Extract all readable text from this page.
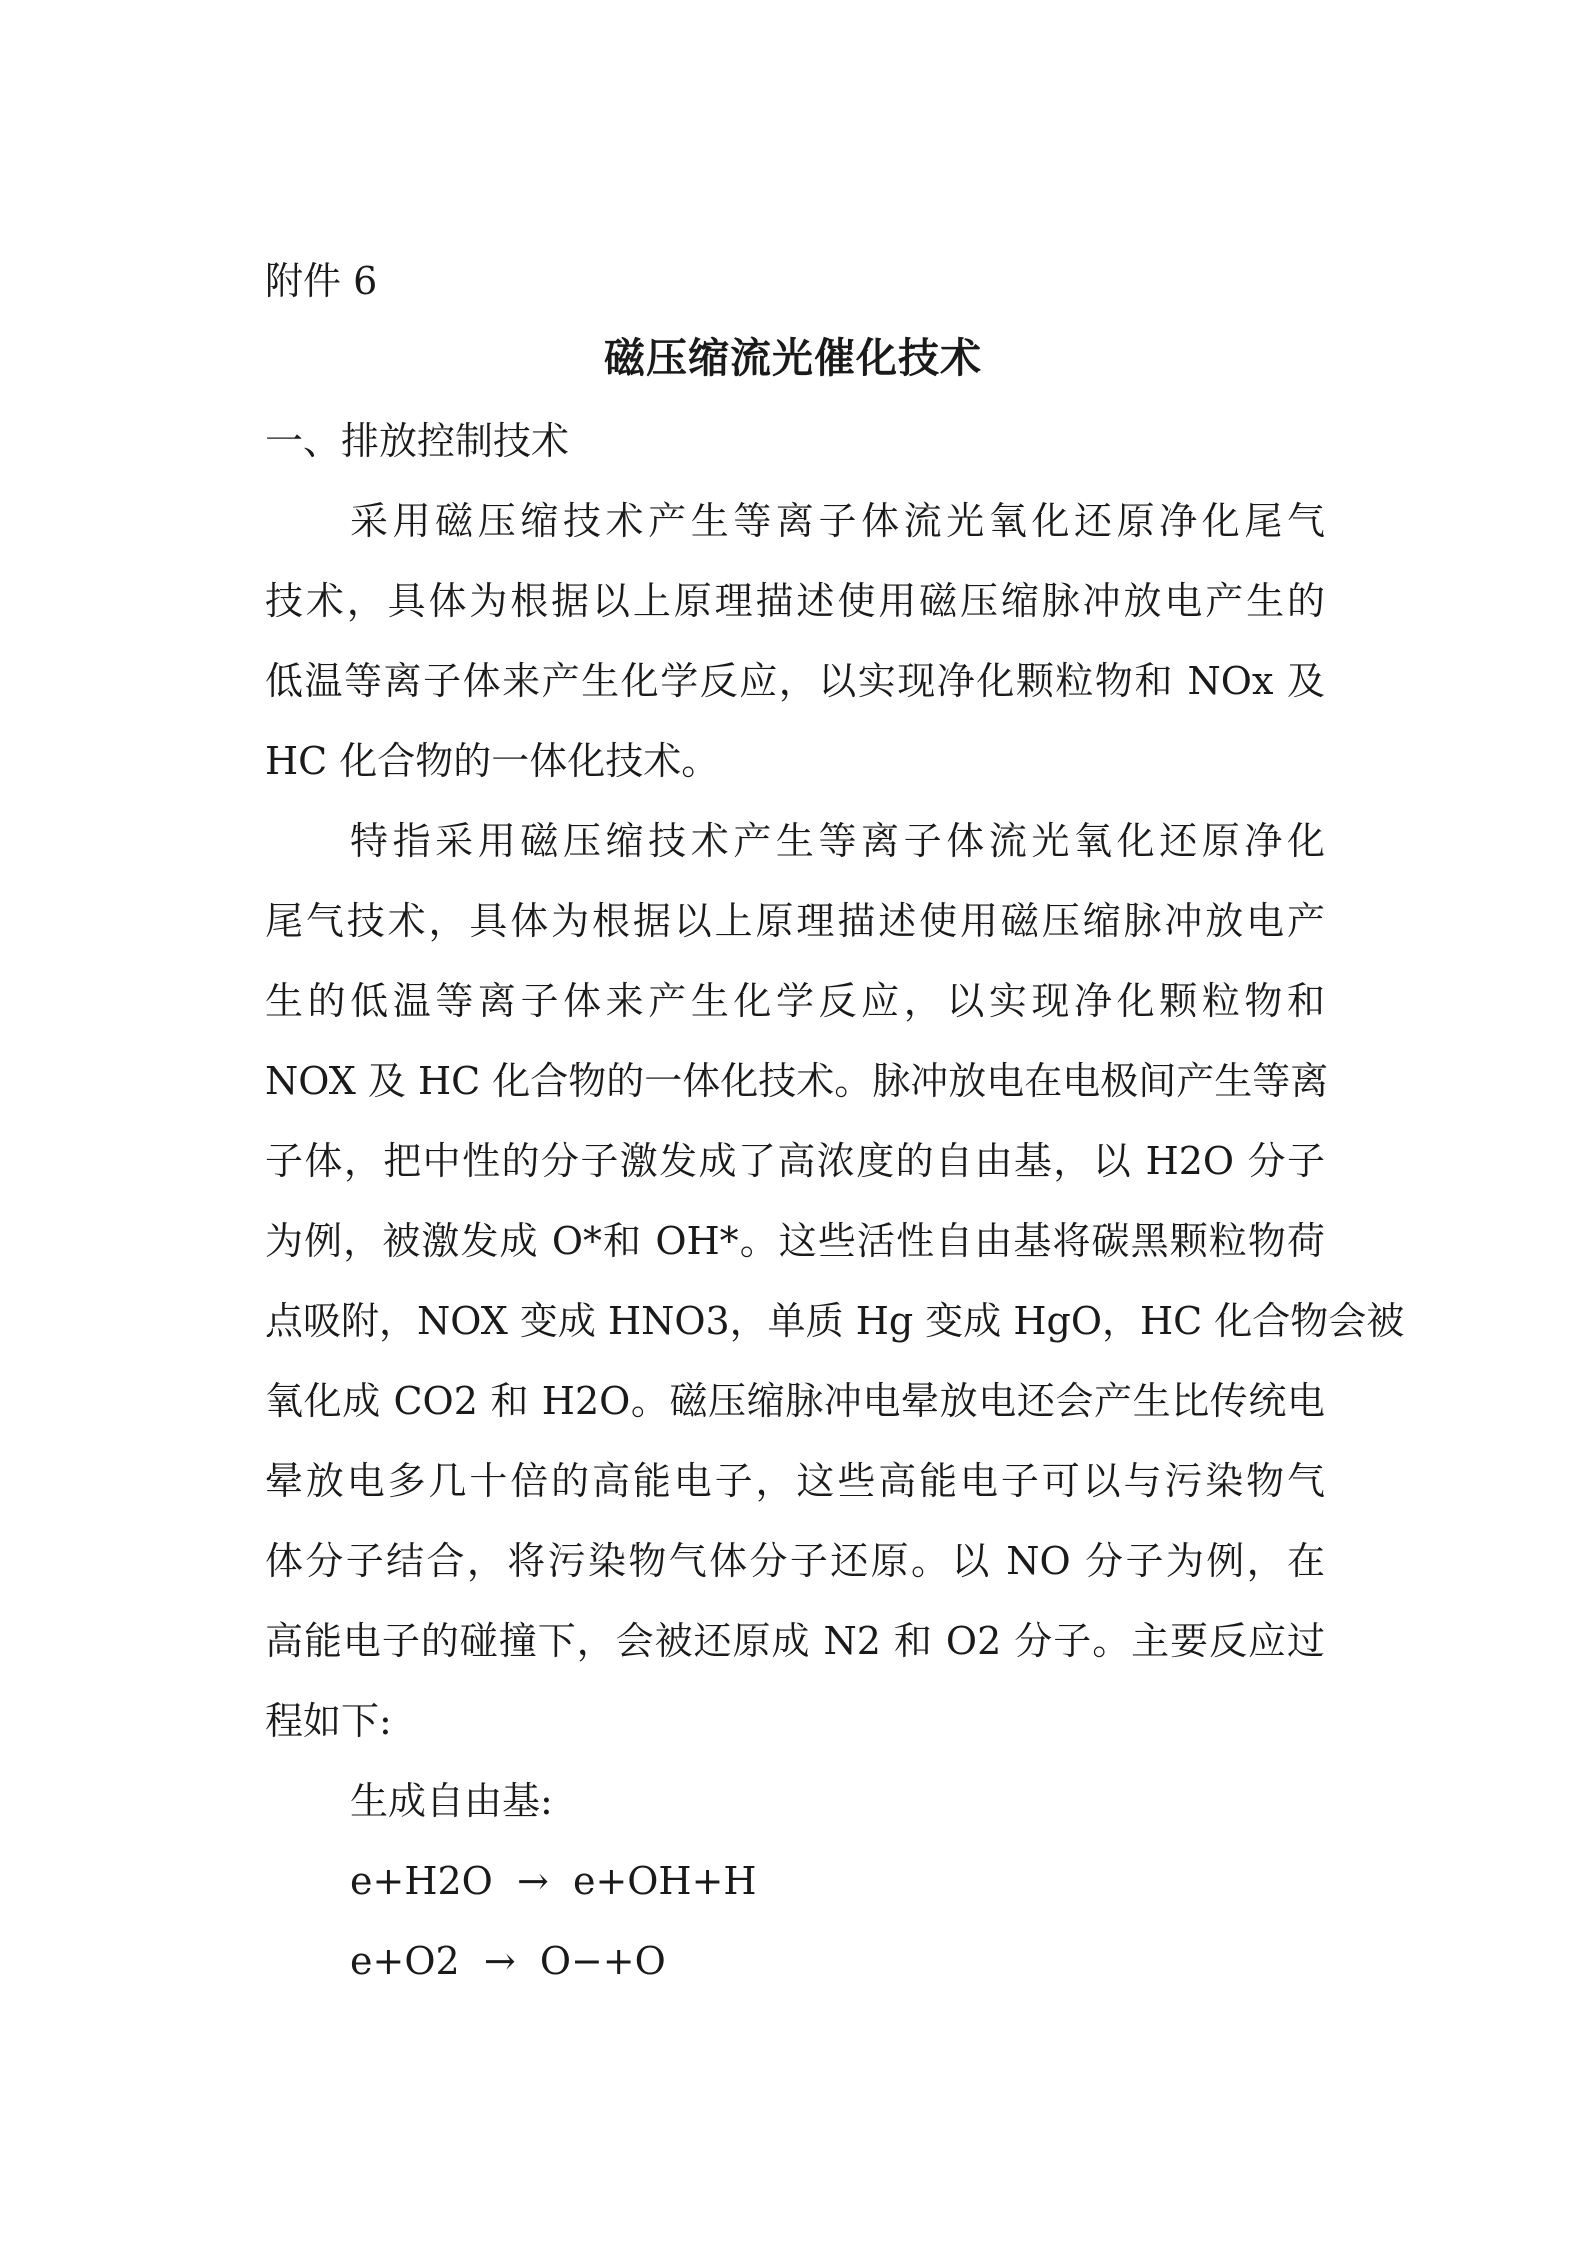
附件 6
磁压缩流光催化技术
一、排放控制技术
采用磁压缩技术产生等离子体流光氧化还原净化尾气
技术，具体为根据以上原理描述使用磁压缩脉冲放电产生的
低温等离子体来产生化学反应，以实现净化颗粒物和 NOx 及
HC 化合物的一体化技术。
特指采用磁压缩技术产生等离子体流光氧化还原净化
尾气技术，具体为根据以上原理描述使用磁压缩脉冲放电产
生的低温等离子体来产生化学反应，以实现净化颗粒物和
NOX 及 HC 化合物的一体化技术。脉冲放电在电极间产生等离
子体，把中性的分子激发成了高浓度的自由基，以 H2O 分子
为例，被激发成 O*和 OH*。这些活性自由基将碳黑颗粒物荷
点吸附，NOX 变成 HNO3，单质 Hg 变成 HgO，HC 化合物会被
氧化成 CO2 和 H2O。磁压缩脉冲电晕放电还会产生比传统电
晕放电多几十倍的高能电子，这些高能电子可以与污染物气
体分子结合，将污染物气体分子还原。以 NO 分子为例，在
高能电子的碰撞下，会被还原成 N2 和 O2 分子。主要反应过
程如下:
生成自由基:
e+H2O  →  e+OH+H
e+O2  →  O−+O
